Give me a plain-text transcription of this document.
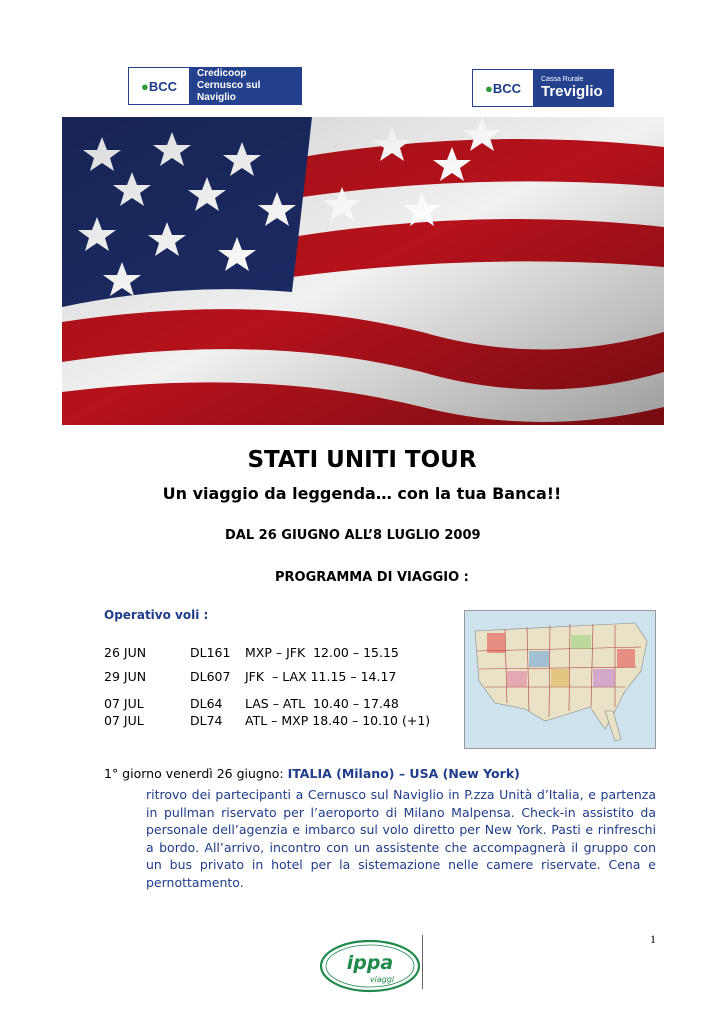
● BCC
Credicoop
Cernusco sul Naviglio
● BCC
Cassa Rurale
Treviglio
STATI UNITI TOUR
Un viaggio da leggenda… con la tua Banca!!
DAL 26 GIUGNO ALL’8 LUGLIO 2009
PROGRAMMA DI VIAGGIO :
Operativo voli :
26 JUN	DL161 MXP – JFK  12.00 – 15.15
29 JUN	DL607 JFK  – LAX 11.15 – 14.17
07 JUL	DL64 LAS – ATL  10.40 – 17.48
07 JUL	DL74 ATL – MXP 18.40 – 10.10 (+1)
1° giorno venerdì 26 giugno: ITALIA (Milano) – USA (New York)
ritrovo dei partecipanti a Cernusco sul Naviglio in P.zza Unità d’Italia, e partenza in pullman riservato per l’aeroporto di Milano Malpensa. Check-in assistito da personale dell’agenzia e imbarco sul volo diretto per New York. Pasti e rinfreschi a bordo. All’arrivo, incontro con un assistente che accompagnerà il gruppo con un bus privato in hotel per la sistemazione nelle camere riservate. Cena e pernottamento.
1
ippa
viaggi
